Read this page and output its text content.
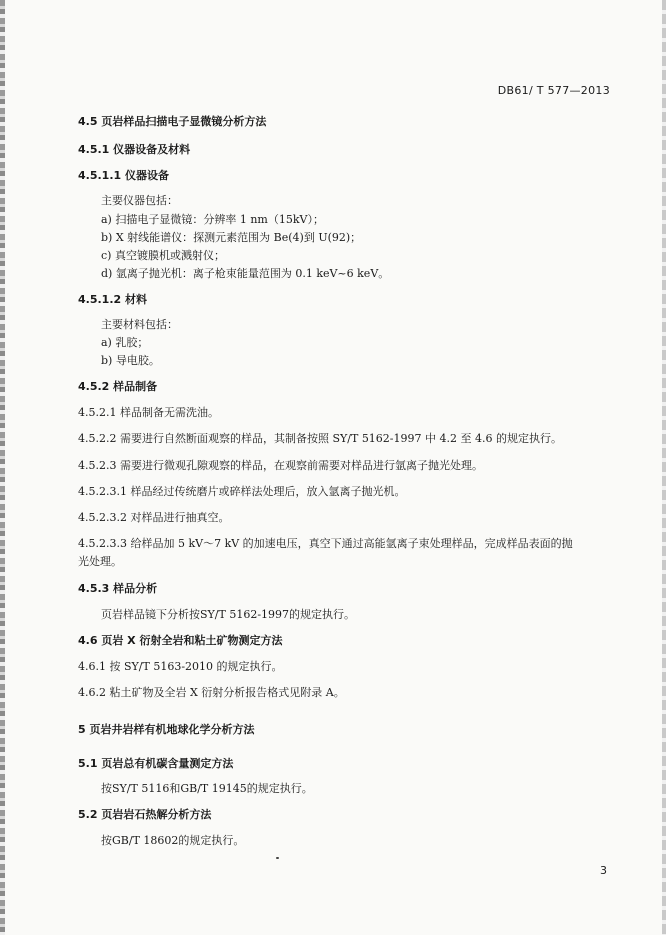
DB61/ T 577—2013
4.5 页岩样品扫描电子显微镜分析方法
4.5.1 仪器设备及材料
4.5.1.1 仪器设备
主要仪器包括：
a) 扫描电子显微镜：分辨率 1 nm（15kV）；
b) X 射线能谱仪：探测元素范围为 Be(4)到 U(92)；
c) 真空镀膜机或溅射仪；
d) 氩离子抛光机：离子枪束能量范围为 0.1 keV~6 keV。
4.5.1.2 材料
主要材料包括：
a) 乳胶；
b) 导电胶。
4.5.2 样品制备
4.5.2.1 样品制备无需洗油。
4.5.2.2 需要进行自然断面观察的样品，其制备按照 SY/T 5162-1997 中 4.2 至 4.6 的规定执行。
4.5.2.3 需要进行微观孔隙观察的样品，在观察前需要对样品进行氩离子抛光处理。
4.5.2.3.1 样品经过传统磨片或碎样法处理后，放入氩离子抛光机。
4.5.2.3.2 对样品进行抽真空。
4.5.2.3.3 给样品加 5 kV～7 kV 的加速电压，真空下通过高能氩离子束处理样品，完成样品表面的抛
光处理。
4.5.3 样品分析
页岩样品镜下分析按SY/T 5162-1997的规定执行。
4.6 页岩 X 衍射全岩和粘土矿物测定方法
4.6.1 按 SY/T 5163-2010 的规定执行。
4.6.2 粘土矿物及全岩 X 衍射分析报告格式见附录 A。
5 页岩井岩样有机地球化学分析方法
5.1 页岩总有机碳含量测定方法
按SY/T 5116和GB/T 19145的规定执行。
5.2 页岩岩石热解分析方法
按GB/T 18602的规定执行。
3
